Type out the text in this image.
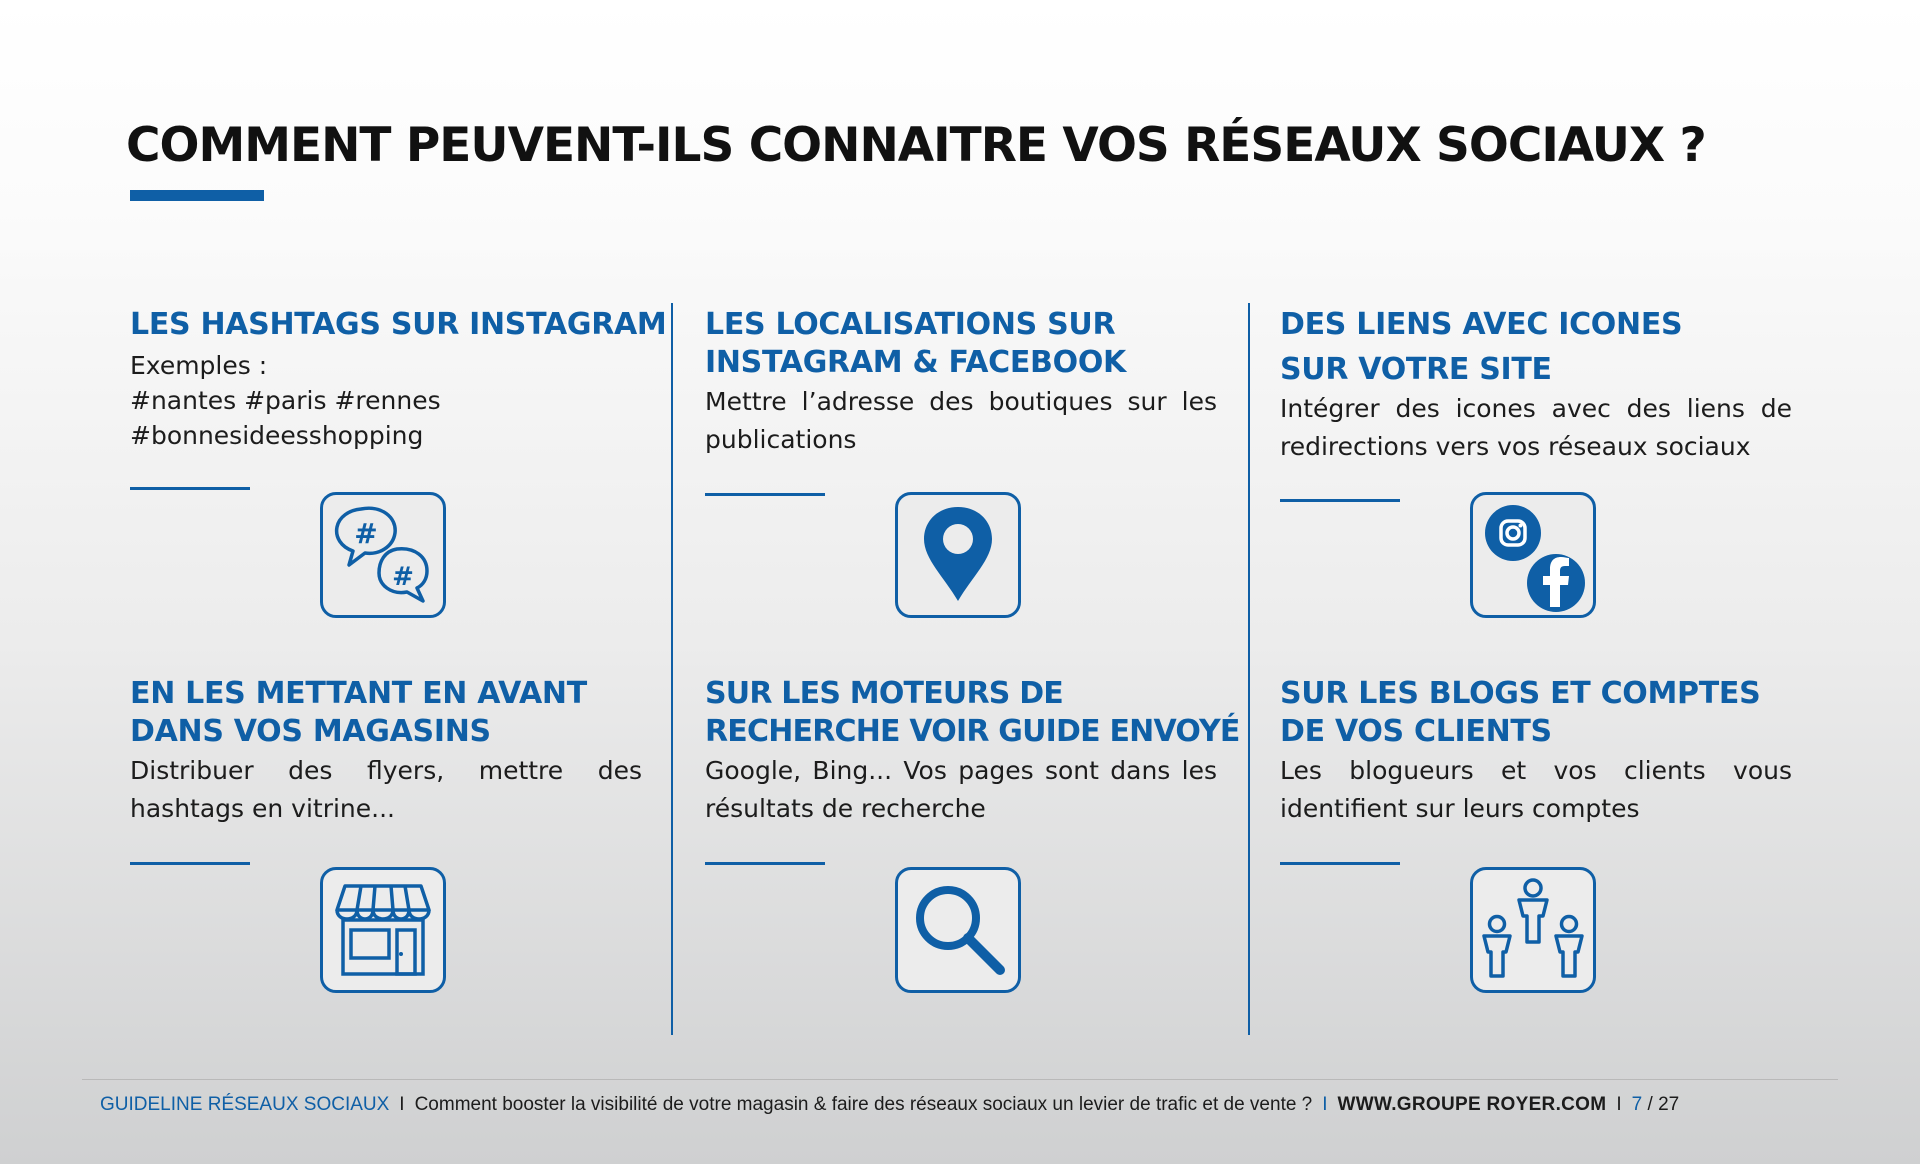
COMMENT PEUVENT-ILS CONNAITRE VOS RÉSEAUX SOCIAUX ?
LES HASHTAGS SUR INSTAGRAM

Exemples :
#nantes #paris #rennes
#bonnesideesshopping

#
#
LES LOCALISATIONS SUR
INSTAGRAM & FACEBOOK

Mettre l’adresse des boutiques sur les publications

DES LIENS AVEC ICONES
SUR VOTRE SITE

Intégrer des icones avec des liens de redirections vers vos réseaux sociaux

EN LES METTANT EN AVANT
DANS VOS MAGASINS

Distribuer des flyers, mettre des hashtags en vitrine...

SUR LES MOTEURS DE
RECHERCHE VOIR GUIDE ENVOYÉ

Google, Bing... Vos pages sont dans les résultats de recherche

SUR LES BLOGS ET COMPTES
DE VOS CLIENTS

Les blogueurs et vos clients vous identifient sur leurs comptes

GUIDELINE RÉSEAUX SOCIAUX I Comment booster la visibilité de votre magasin & faire des réseaux sociaux un levier de trafic et de vente ? I WWW.GROUPE ROYER.COM I 7 / 27
